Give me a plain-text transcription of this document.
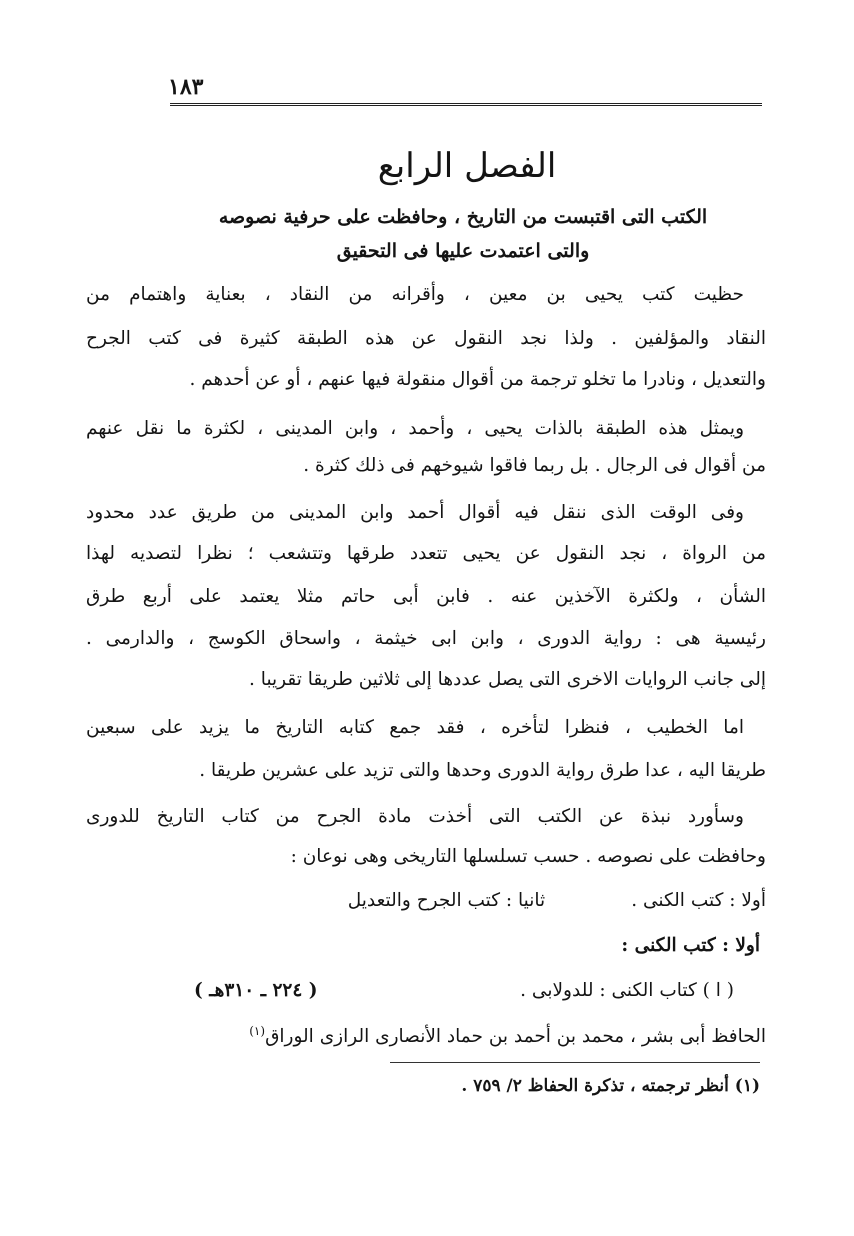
١٨٣
الفصل الرابع
الكتب التى اقتبست من التاريخ ، وحافظت على حرفية نصوصه
والتى اعتمدت عليها فى التحقيق
حظيت كتب يحيى بن معين ، وأقرانه من النقاد ، بعناية واهتمام من
النقاد والمؤلفين . ولذا نجد النقول عن هذه الطبقة كثيرة فى كتب الجرح
والتعديل ، ونادرا ما تخلو ترجمة من أقوال منقولة فيها عنهم ، أو عن أحدهم .
ويمثل هذه الطبقة بالذات يحيى ، وأحمد ، وابن المدينى ، لكثرة ما نقل عنهم
من أقوال فى الرجال . بل ربما فاقوا شيوخهم فى ذلك كثرة .
وفى الوقت الذى ننقل فيه أقوال أحمد وابن المدينى من طريق عدد محدود
من الرواة ، نجد النقول عن يحيى تتعدد طرقها وتتشعب ؛ نظرا لتصديه لهذا
الشأن ، ولكثرة الآخذين عنه . فابن أبى حاتم مثلا يعتمد على أربع طرق
رئيسية هى : رواية الدورى ، وابن ابى خيثمة ، واسحاق الكوسج ، والدارمى .
إلى جانب الروايات الاخرى التى يصل عددها إلى ثلاثين طريقا تقريبا .
اما الخطيب ، فنظرا لتأخره ، فقد جمع كتابه التاريخ ما يزيد على سبعين
طريقا اليه ، عدا طرق رواية الدورى وحدها والتى تزيد على عشرين طريقا .
وسأورد نبذة عن الكتب التى أخذت مادة الجرح من كتاب التاريخ للدورى
وحافظت على نصوصه . حسب تسلسلها التاريخى وهى نوعان :
أولا : كتب الكنى .
ثانيا : كتب الجرح والتعديل
أولا : كتب الكنى :
( ا ) كتاب الكنى : للدولابى .
( ٢٢٤ ـ ٣١٠هـ )
الحافظ أبى بشر ، محمد بن أحمد بن حماد الأنصارى الرازى الوراق$^{(١)}$
(١) أنظر ترجمته ، تذكرة الحفاظ ٢/ ٧٥٩ .
